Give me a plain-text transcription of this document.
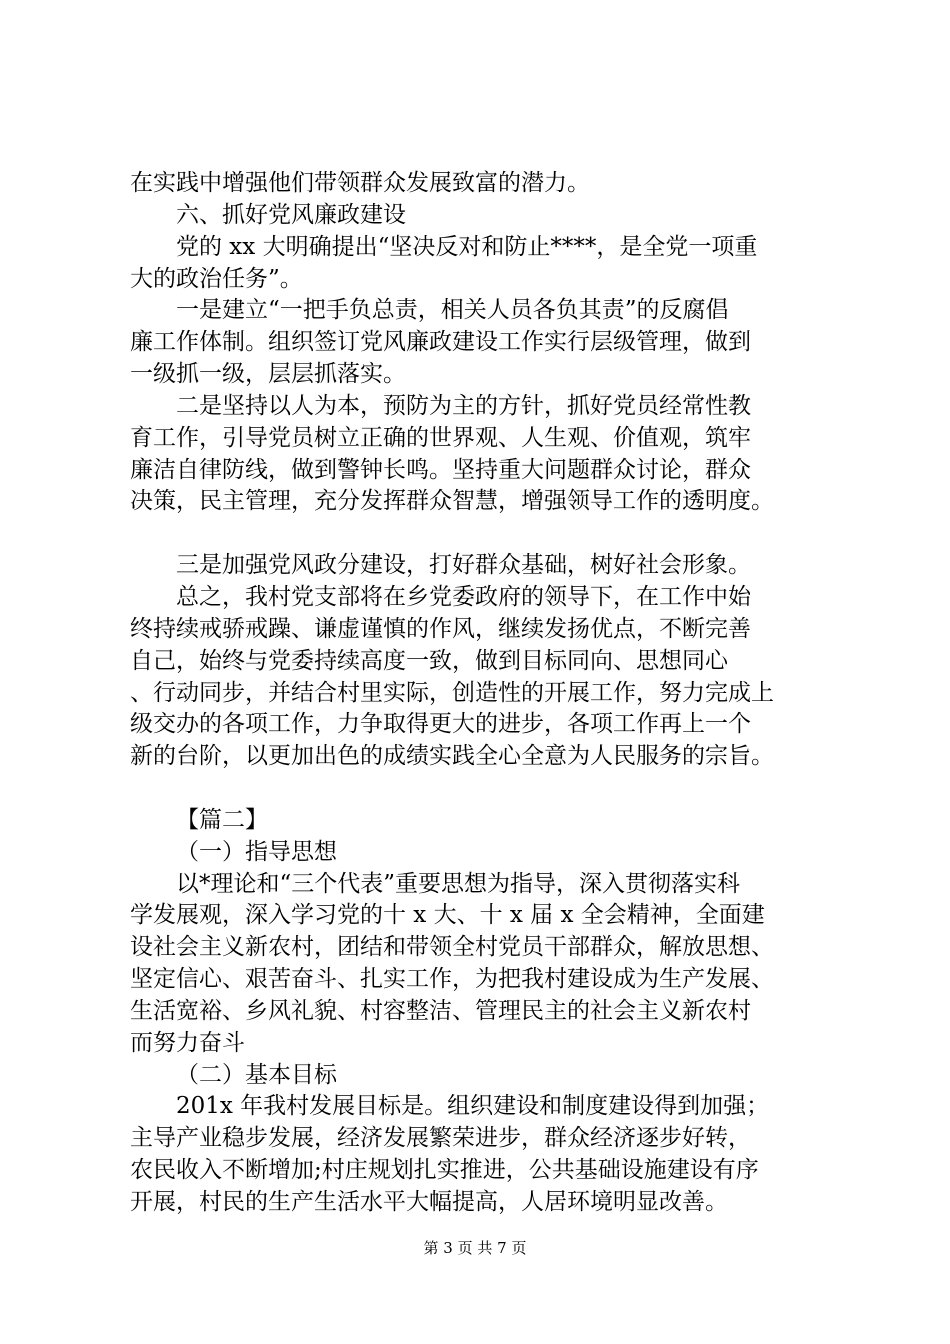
在实践中增强他们带领群众发展致富的潜力。
六、抓好党风廉政建设
党的 xx 大明确提出“坚决反对和防止****，是全党一项重
大的政治任务”。
一是建立“一把手负总责，相关人员各负其责”的反腐倡
廉工作体制。组织签订党风廉政建设工作实行层级管理，做到
一级抓一级，层层抓落实。
二是坚持以人为本，预防为主的方针，抓好党员经常性教
育工作，引导党员树立正确的世界观、人生观、价值观，筑牢
廉洁自律防线，做到警钟长鸣。坚持重大问题群众讨论，群众
决策，民主管理，充分发挥群众智慧，增强领导工作的透明度。
三是加强党风政分建设，打好群众基础，树好社会形象。
总之，我村党支部将在乡党委政府的领导下，在工作中始
终持续戒骄戒躁、谦虚谨慎的作风，继续发扬优点，不断完善
自己，始终与党委持续高度一致，做到目标同向、思想同心
、行动同步，并结合村里实际，创造性的开展工作，努力完成上
级交办的各项工作，力争取得更大的进步，各项工作再上一个
新的台阶，以更加出色的成绩实践全心全意为人民服务的宗旨。
【篇二】
（一）指导思想
以*理论和“三个代表”重要思想为指导，深入贯彻落实科
学发展观，深入学习党的十 x 大、十 x 届 x 全会精神，全面建
设社会主义新农村，团结和带领全村党员干部群众，解放思想、
坚定信心、艰苦奋斗、扎实工作，为把我村建设成为生产发展、
生活宽裕、乡风礼貌、村容整洁、管理民主的社会主义新农村
而努力奋斗
（二）基本目标
201x 年我村发展目标是。组织建设和制度建设得到加强；
主导产业稳步发展，经济发展繁荣进步，群众经济逐步好转，
农民收入不断增加;村庄规划扎实推进，公共基础设施建设有序
开展，村民的生产生活水平大幅提高，人居环境明显改善。
第 3 页 共 7 页
